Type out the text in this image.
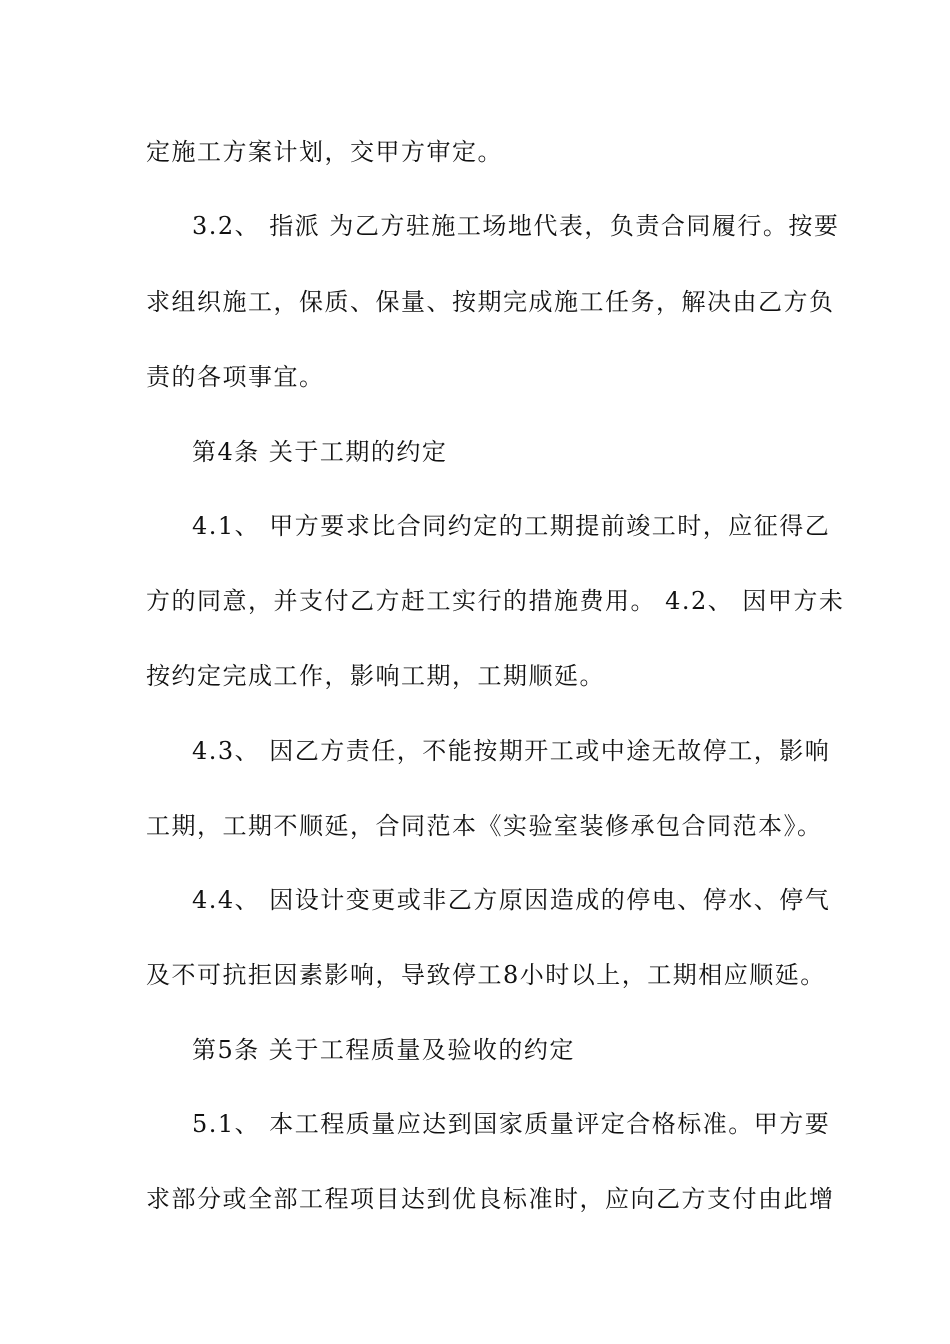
定施工方案计划，交甲方审定。
3.2、 指派 为乙方驻施工场地代表，负责合同履行。按要
求组织施工，保质、保量、按期完成施工任务，解决由乙方负
责的各项事宜。
第4条 关于工期的约定
4.1、 甲方要求比合同约定的工期提前竣工时，应征得乙
方的同意，并支付乙方赶工实行的措施费用。 4.2、 因甲方未
按约定完成工作，影响工期，工期顺延。
4.3、 因乙方责任，不能按期开工或中途无故停工，影响
工期，工期不顺延，合同范本《实验室装修承包合同范本》。
4.4、 因设计变更或非乙方原因造成的停电、停水、停气
及不可抗拒因素影响，导致停工8小时以上，工期相应顺延。
第5条 关于工程质量及验收的约定
5.1、 本工程质量应达到国家质量评定合格标准。甲方要
求部分或全部工程项目达到优良标准时，应向乙方支付由此增
